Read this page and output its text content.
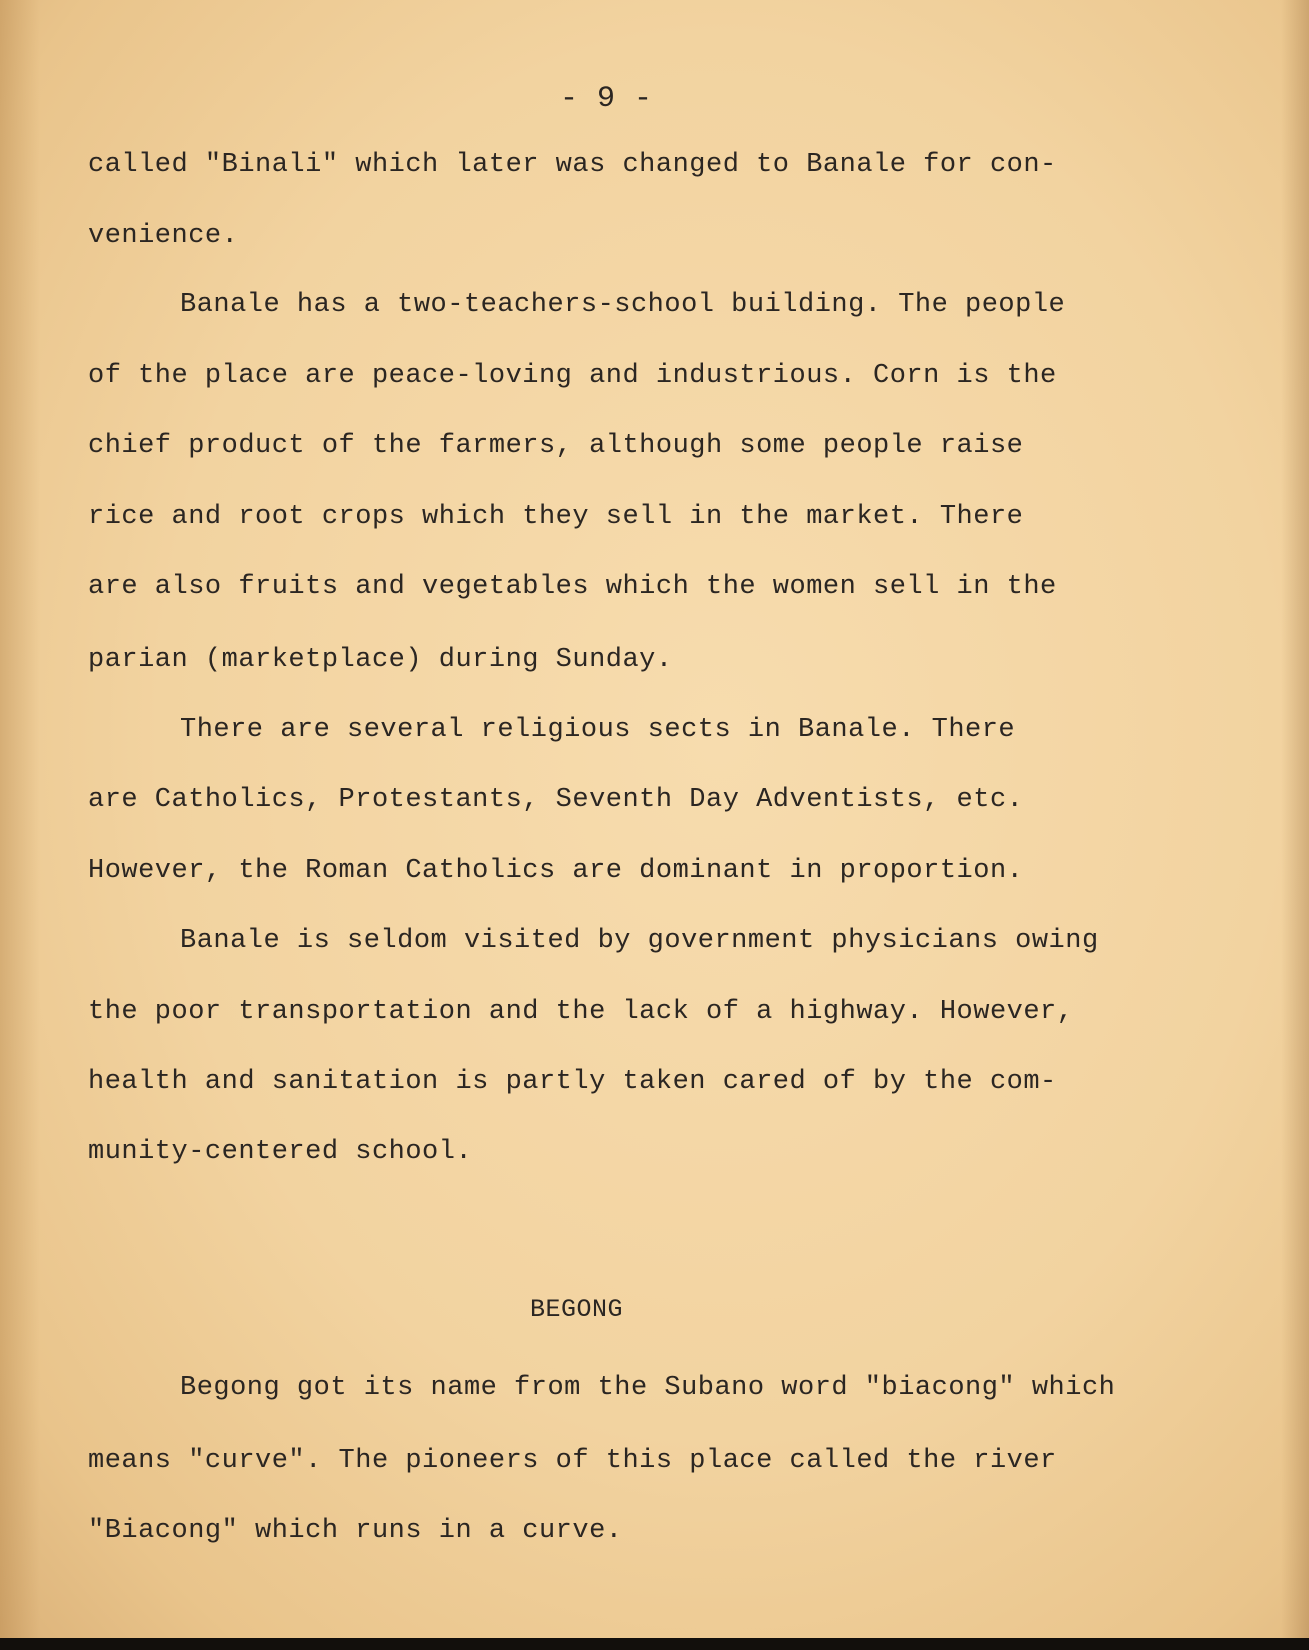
- 9 -

called "Binali" which later was changed to Banale for con-

venience.

Banale has a two-teachers-school building. The people

of the place are peace-loving and industrious. Corn is the

chief product of the farmers, although some people raise

rice and root crops which they sell in the market. There

are also fruits and vegetables which the women sell in the

parian (marketplace) during Sunday.

There are several religious sects in Banale. There

are Catholics, Protestants, Seventh Day Adventists, etc.

However, the Roman Catholics are dominant in proportion.

Banale is seldom visited by government physicians owing

the poor transportation and the lack of a highway. However,

health and sanitation is partly taken cared of by the com-

munity-centered school.

BEGONG

Begong got its name from the Subano word "biacong" which

means "curve". The pioneers of this place called the river

"Biacong" which runs in a curve.
